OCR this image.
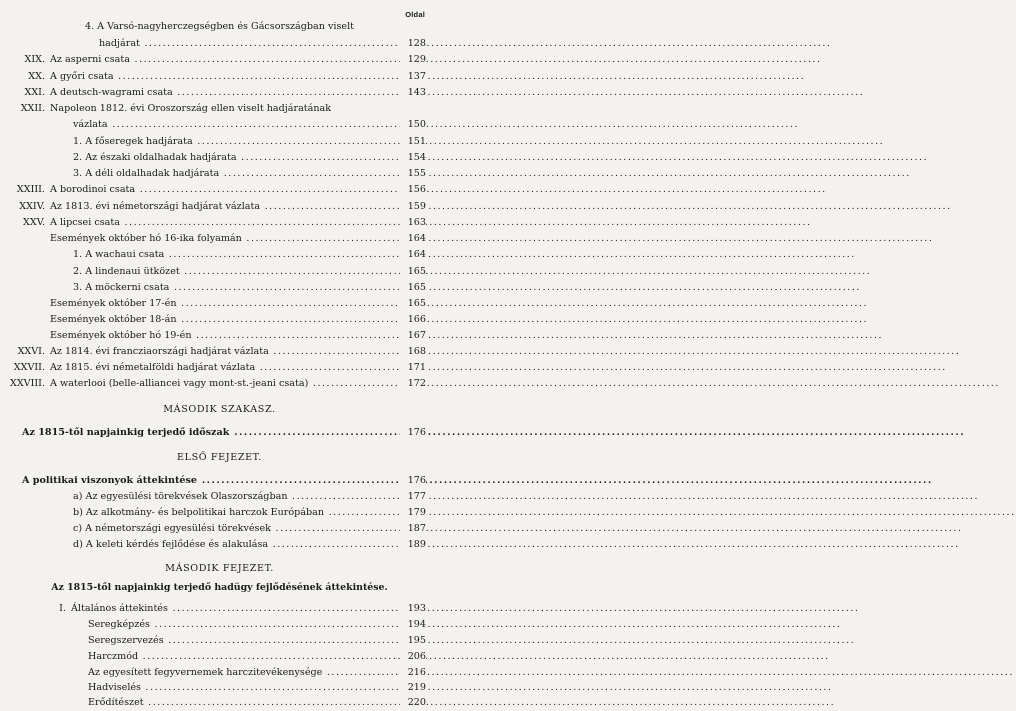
Oldal
4. A Varsó-nagyherczegségben és Gácsországban viselt
hadjárat .....	128
XIX. Az asperni csata .....	129
XX. A győri csata .....	137
XXI. A deutsch-wagrami csata .....	143
XXII. Napoleon 1812. évi Oroszország ellen viselt hadjáratának
vázlata .....	150
1. A főseregek hadjárata .....	151
2. Az északi oldalhadak hadjárata .....	154
3. A déli oldalhadak hadjárata .....	155
XXIII. A borodinoi csata .....	156
XXIV. Az 1813. évi németországi hadjárat vázlata .....	159
XXV. A lipcsei csata .....	163
Események október hó 16-ika folyamán .....	164
1. A wachaui csata .....	164
2. A lindenaui ütközet .....	165
3. A möckerni csata .....	165
Események október 17-én .....	165
Események október 18-án .....	166
Események október hó 19-én .....	167
XXVI. Az 1814. évi francziaországi hadjárat vázlata .....	168
XXVII. Az 1815. évi németalföldi hadjárat vázlata .....	171
XXVIII. A waterlooi (belle-alliancei vagy mont-st.-jeani csata) .....	172
MÁSODIK SZAKASZ.
Az 1815-től napjainkig terjedő időszak .....	176
ELSŐ FEJEZET.
A politikai viszonyok áttekintése .....	176
a) Az egyesülési törekvések Olaszországban .....	177
b) Az alkotmány- és belpolitikai harczok Európában .....	179
c) A németországi egyesülési törekvések .....	187
d) A keleti kérdés fejlődése és alakulása .....	189
MÁSODIK FEJEZET.
Az 1815-től napjainkig terjedő hadügy fejlődésének áttekintése.
I. Általános áttekintés .....	193
Seregképzés .....	194
Seregszervezés .....	195
Harczmód .....	206
Az egyesített fegyvernemek harczitevékenysége .....	216
Hadviselés .....	219
Erődítészet .....	220
